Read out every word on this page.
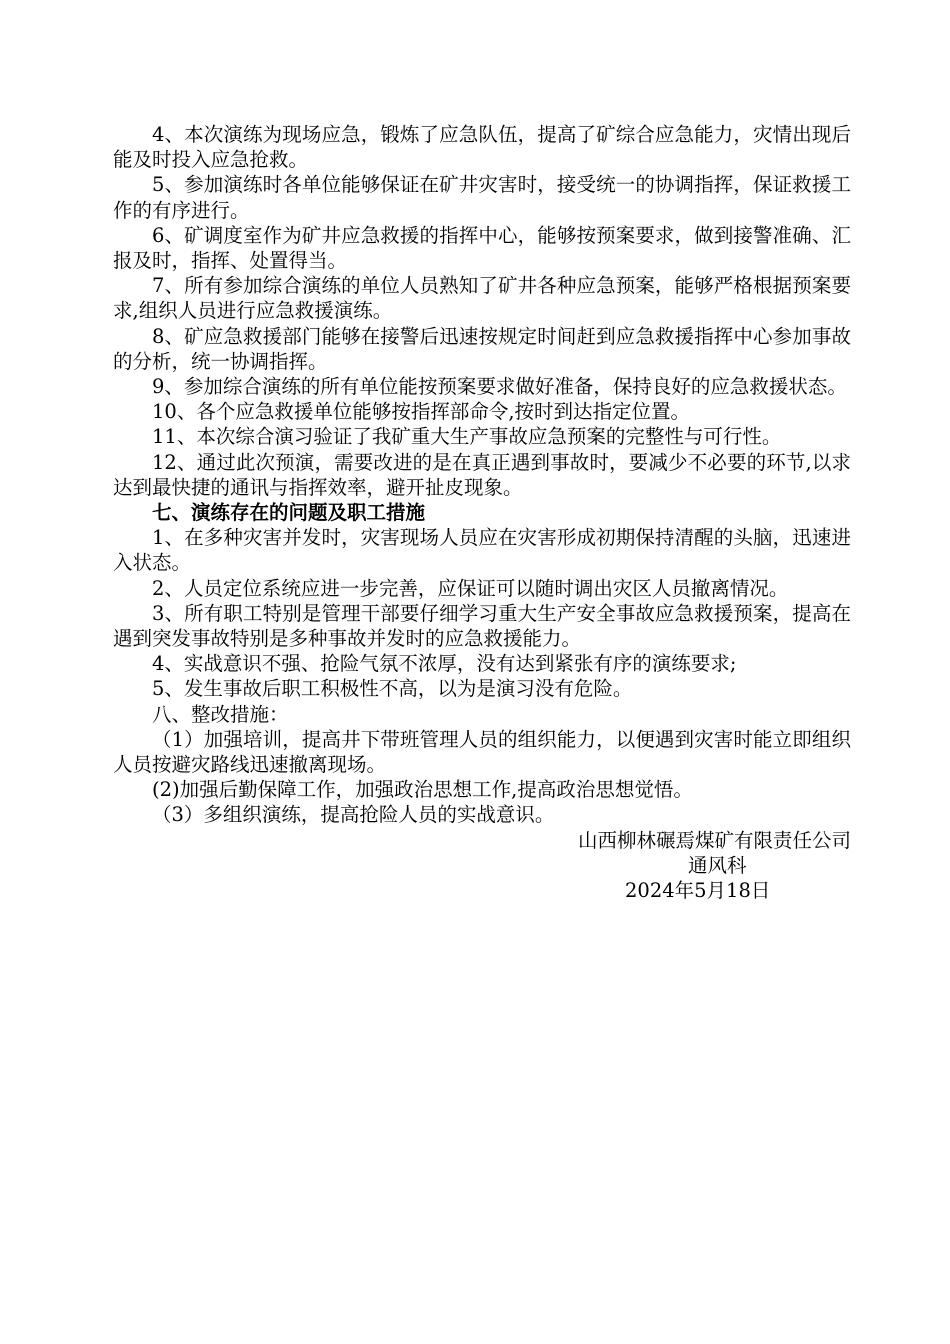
4、本次演练为现场应急，锻炼了应急队伍，提高了矿综合应急能力，灾情出现后能及时投入应急抢救。

5、参加演练时各单位能够保证在矿井灾害时，接受统一的协调指挥，保证救援工作的有序进行。

6、矿调度室作为矿井应急救援的指挥中心，能够按预案要求，做到接警准确、汇报及时，指挥、处置得当。

7、所有参加综合演练的单位人员熟知了矿井各种应急预案，能够严格根据预案要求,组织人员进行应急救援演练。

8、矿应急救援部门能够在接警后迅速按规定时间赶到应急救援指挥中心参加事故的分析，统一协调指挥。

9、参加综合演练的所有单位能按预案要求做好准备，保持良好的应急救援状态。

10、各个应急救援单位能够按指挥部命令,按时到达指定位置。

11、本次综合演习验证了我矿重大生产事故应急预案的完整性与可行性。

12、通过此次预演，需要改进的是在真正遇到事故时，要减少不必要的环节,以求达到最快捷的通讯与指挥效率，避开扯皮现象。

七、演练存在的问题及职工措施

1、在多种灾害并发时，灾害现场人员应在灾害形成初期保持清醒的头脑，迅速进入状态。

2、人员定位系统应进一步完善，应保证可以随时调出灾区人员撤离情况。

3、所有职工特别是管理干部要仔细学习重大生产安全事故应急救援预案，提高在遇到突发事故特别是多种事故并发时的应急救援能力。

4、实战意识不强、抢险气氛不浓厚，没有达到紧张有序的演练要求;

5、发生事故后职工积极性不高，以为是演习没有危险。

八、整改措施：

（1）加强培训，提高井下带班管理人员的组织能力，以便遇到灾害时能立即组织人员按避灾路线迅速撤离现场。

(2)加强后勤保障工作，加强政治思想工作,提高政治思想觉悟。

（3）多组织演练，提高抢险人员的实战意识。

山西柳林碾焉煤矿有限责任公司

通风科

2024年5月18日
